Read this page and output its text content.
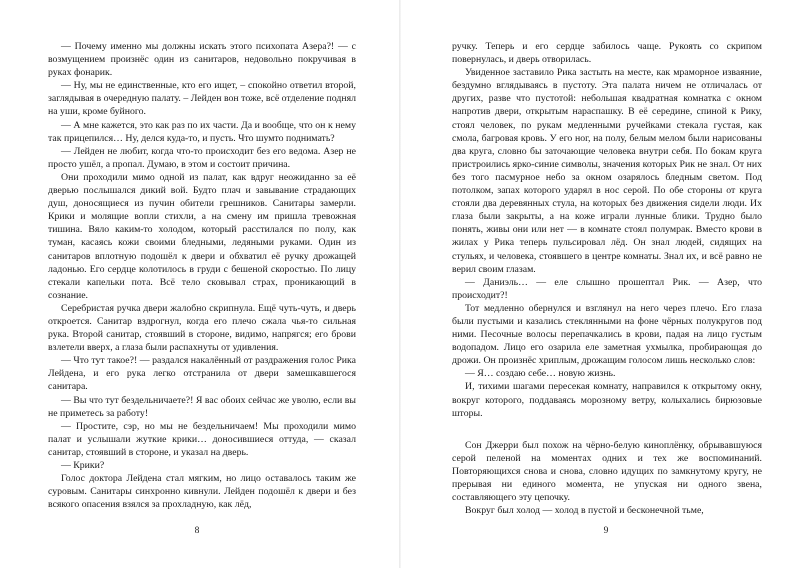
— Почему именно мы должны искать этого психопата Азера?! — с возмущением произнёс один из санитаров, недовольно покручивая в руках фонарик.

— Ну, мы не единственные, кто его ищет, – спокойно ответил второй, заглядывая в очередную палату. – Лейден вон тоже, всё отделение поднял на уши, кроме буйного.

— А мне кажется, это как раз по их части. Да и вообще, что он к нему так прицепился… Ну, делся куда-то, и пусть. Что шумто поднимать?

— Лейден не любит, когда что-то происходит без его ведома. Азер не просто ушёл, а пропал. Думаю, в этом и состоит причина.

Они проходили мимо одной из палат, как вдруг неожиданно за её дверью послышался дикий вой. Будто плач и завывание страдающих душ, доносящиеся из пучин обители грешников. Санитары замерли. Крики и молящие вопли стихли, а на смену им пришла тревожная тишина. Вяло каким-то холодом, который расстилался по полу, как туман, касаясь кожи своими бледными, ледяными руками. Один из санитаров вплотную подошёл к двери и обхватил её ручку дрожащей ладонью. Его сердце колотилось в груди с бешеной скоростью. По лицу стекали капельки пота. Всё тело сковывал страх, проникающий в сознание.

Серебристая ручка двери жалобно скрипнула. Ещё чуть-чуть, и дверь откроется. Санитар вздрогнул, когда его плечо сжала чья-то сильная рука. Второй санитар, стоявший в стороне, видимо, напрягся; его брови взлетели вверх, а глаза были распахнуты от удивления.

— Что тут такое?! — раздался накалённый от раздражения голос Рика Лейдена, и его рука легко отстранила от двери замешкавшегося санитара.

— Вы что тут бездельничаете?! Я вас обоих сейчас же уволю, если вы не приметесь за работу!

— Простите, сэр, но мы не бездельничаем! Мы проходили мимо палат и услышали жуткие крики… доносившиеся оттуда, — сказал санитар, стоявший в стороне, и указал на дверь.

— Крики?

Голос доктора Лейдена стал мягким, но лицо оставалось таким же суровым. Санитары синхронно кивнули. Лейден подошёл к двери и без всякого опасения взялся за прохладную, как лёд,

8

ручку. Теперь и его сердце забилось чаще. Рукоять со скрипом повернулась, и дверь отворилась.

Увиденное заставило Рика застыть на месте, как мраморное изваяние, бездумно вглядываясь в пустоту. Эта палата ничем не отличалась от других, разве что пустотой: небольшая квадратная комнатка с окном напротив двери, открытым нараспашку. В её середине, спиной к Рику, стоял человек, по рукам медленными ручейками стекала густая, как смола, багровая кровь. У его ног, на полу, белым мелом были нарисованы два круга, словно бы заточающие человека внутри себя. По бокам круга пристроились ярко-синие символы, значения которых Рик не знал. От них без того пасмурное небо за окном озарялось бледным светом. Под потолком, запах которого ударял в нос серой. По обе стороны от круга стояли два деревянных стула, на которых без движения сидели люди. Их глаза были закрыты, а на коже играли лунные блики. Трудно было понять, живы они или нет — в комнате стоял полумрак. Вместо крови в жилах у Рика теперь пульсировал лёд. Он знал людей, сидящих на стульях, и человека, стоявшего в центре комнаты. Знал их, и всё равно не верил своим глазам.

— Даниэль… — еле слышно прошептал Рик. — Азер, что происходит?!

Тот медленно обернулся и взглянул на него через плечо. Его глаза были пустыми и казались стеклянными на фоне чёрных полукругов под ними. Песочные волосы перепачкались в крови, падая на лицо густым водопадом. Лицо его озарила еле заметная ухмылка, пробирающая до дрожи. Он произнёс хриплым, дрожащим голосом лишь несколько слов:

— Я… создаю себе… новую жизнь.

И, тихими шагами пересекая комнату, направился к открытому окну, вокруг которого, поддаваясь морозному ветру, колыхались бирюзовые шторы.

Сон Джерри был похож на чёрно-белую киноплёнку, обрывавшуюся серой пеленой на моментах одних и тех же воспоминаний. Повторяющихся снова и снова, словно идущих по замкнутому кругу, не прерывая ни единого момента, не упуская ни одного звена, составляющего эту цепочку.

Вокруг был холод — холод в пустой и бесконечной тьме,

9
